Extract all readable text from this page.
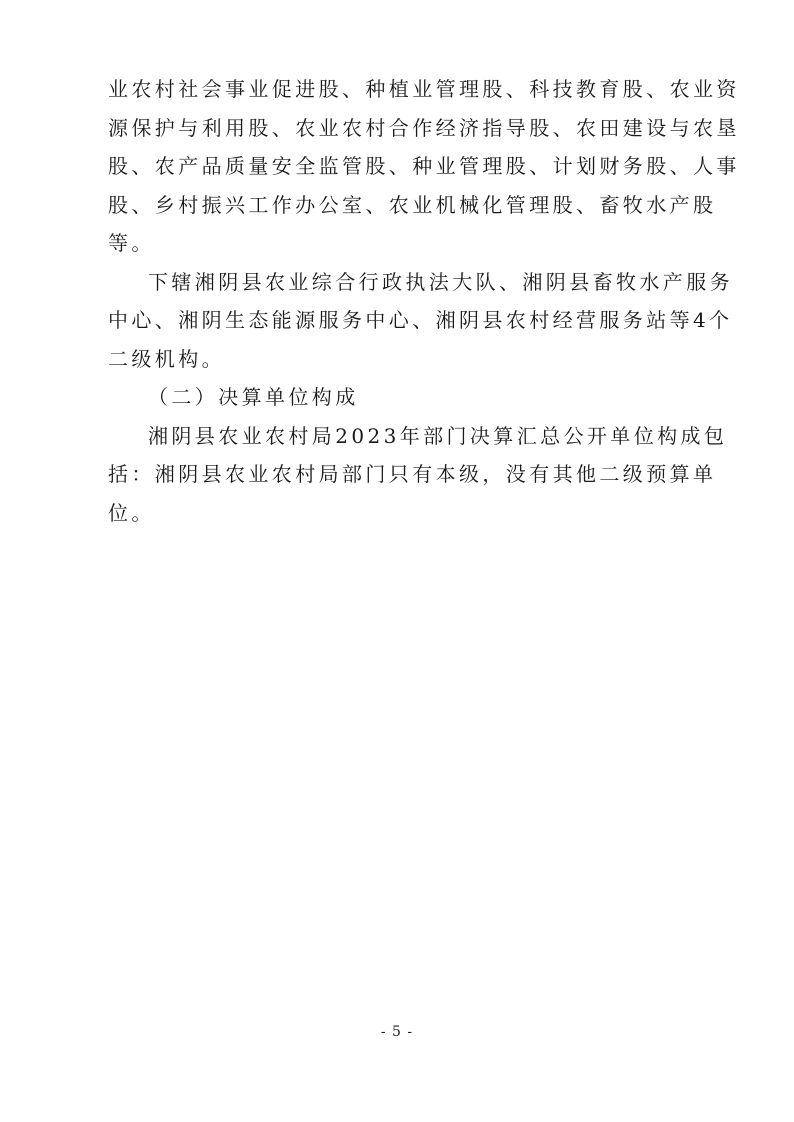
业农村社会事业促进股、种植业管理股、科技教育股、农业资源保护与利用股、农业农村合作经济指导股、农田建设与农垦股、农产品质量安全监管股、种业管理股、计划财务股、人事股、乡村振兴工作办公室、农业机械化管理股、畜牧水产股等。

下辖湘阴县农业综合行政执法大队、湘阴县畜牧水产服务中心、湘阴生态能源服务中心、湘阴县农村经营服务站等4个二级机构。

（二）决算单位构成

湘阴县农业农村局2023年部门决算汇总公开单位构成包括：湘阴县农业农村局部门只有本级，没有其他二级预算单位。

- 5 -
